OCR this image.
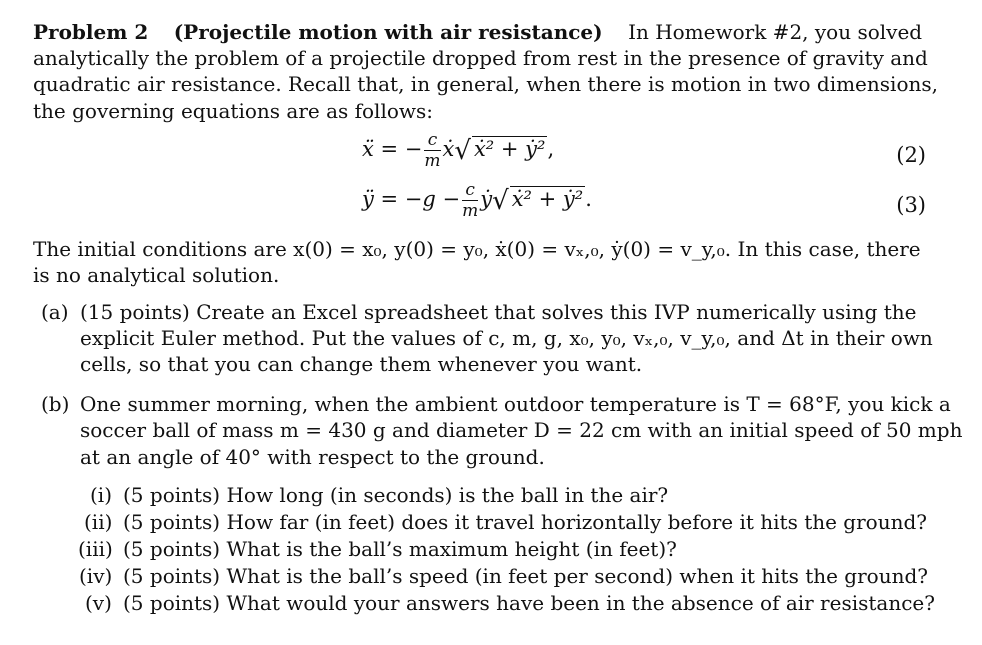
Problem 2 (Projectile motion with air resistance) In Homework #2, you solved
analytically the problem of a projectile dropped from rest in the presence of gravity and
quadratic air resistance. Recall that, in general, when there is motion in two dimensions,
the governing equations are as follows:
ẍ = − $\frac{c}{m}$ ẋ√ ẋ² + ẏ²,	(2)
ÿ = $-g - \frac{c}{m}$ ẏ√ ẋ² + ẏ².	(3)
The initial conditions are x(0) = x₀, y(0) = y₀, ẋ(0) = vₓ,₀, ẏ(0) = v_y,₀. In this case, there
is no analytical solution.
(a) (15 points) Create an Excel spreadsheet that solves this IVP numerically using the
explicit Euler method. Put the values of c, m, g, x₀, y₀, vₓ,₀, v_y,₀, and Δt in their own
cells, so that you can change them whenever you want.
(b) One summer morning, when the ambient outdoor temperature is T = 68°F, you kick a
soccer ball of mass m = 430 g and diameter D = 22 cm with an initial speed of 50 mph
at an angle of 40° with respect to the ground.
(i) (5 points) How long (in seconds) is the ball in the air?
(ii) (5 points) How far (in feet) does it travel horizontally before it hits the ground?
(iii) (5 points) What is the ball’s maximum height (in feet)?
(iv) (5 points) What is the ball’s speed (in feet per second) when it hits the ground?
(v) (5 points) What would your answers have been in the absence of air resistance?
